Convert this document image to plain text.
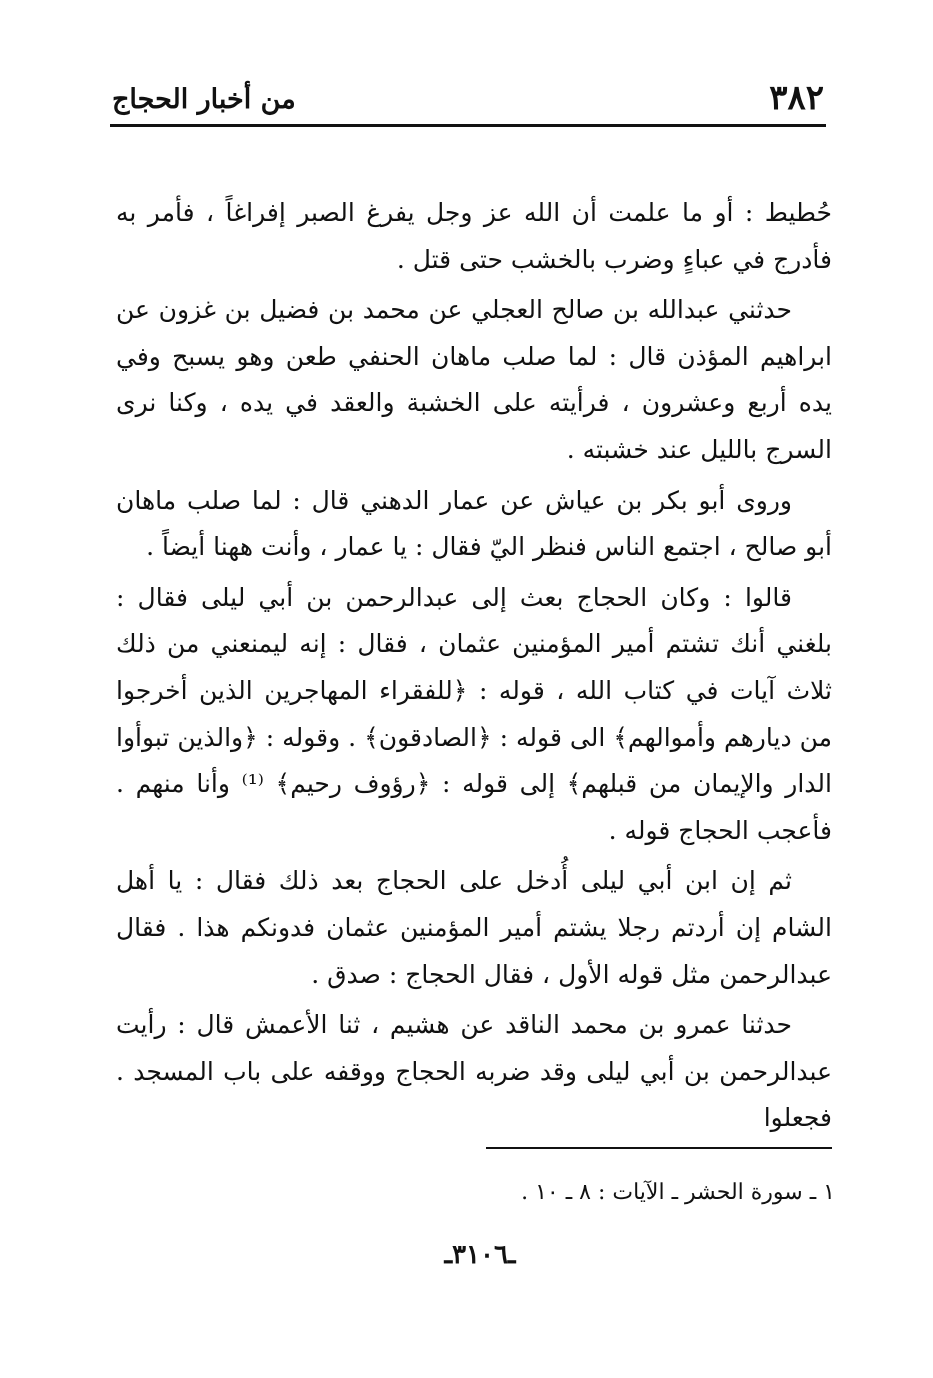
٣٨٢
من أخبار الحجاج

حُطيط : أو ما علمت أن الله عز وجل يفرغ الصبر إفراغاً ، فأمر به فأدرج في عباءٍ وضرب بالخشب حتى قتل .

حدثني عبدالله بن صالح العجلي عن محمد بن فضيل بن غزون عن ابراهيم المؤذن قال : لما صلب ماهان الحنفي طعن وهو يسبح وفي يده أربع وعشرون ، فرأيته على الخشبة والعقد في يده ، وكنا نرى السرج بالليل عند خشبته .

وروى أبو بكر بن عياش عن عمار الدهني قال : لما صلب ماهان أبو صالح ، اجتمع الناس فنظر اليّ فقال : يا عمار ، وأنت ههنا أيضاً .

قالوا : وكان الحجاج بعث إلى عبدالرحمن بن أبي ليلى فقال : بلغني أنك تشتم أمير المؤمنين عثمان ، فقال : إنه ليمنعني من ذلك ثلاث آيات في كتاب الله ، قوله : ﴿للفقراء المهاجرين الذين أخرجوا من ديارهم وأموالهم﴾ الى قوله : ﴿الصادقون﴾ . وقوله : ﴿والذين تبوأوا الدار والإيمان من قبلهم﴾ إلى قوله : ﴿رؤوف رحيم﴾ ⁽¹⁾ وأنا منهم . فأعجب الحجاج قوله .

ثم إن ابن أبي ليلى أُدخل على الحجاج بعد ذلك فقال : يا أهل الشام إن أردتم رجلا يشتم أمير المؤمنين عثمان فدونكم هذا . فقال عبدالرحمن مثل قوله الأول ، فقال الحجاج : صدق .

حدثنا عمرو بن محمد الناقد عن هشيم ، ثنا الأعمش قال : رأيت عبدالرحمن بن أبي ليلى وقد ضربه الحجاج ووقفه على باب المسجد . فجعلوا

١ ـ سورة الحشر ـ الآيات : ٨ ـ ١٠ .
ـ٣١٠٦ـ
